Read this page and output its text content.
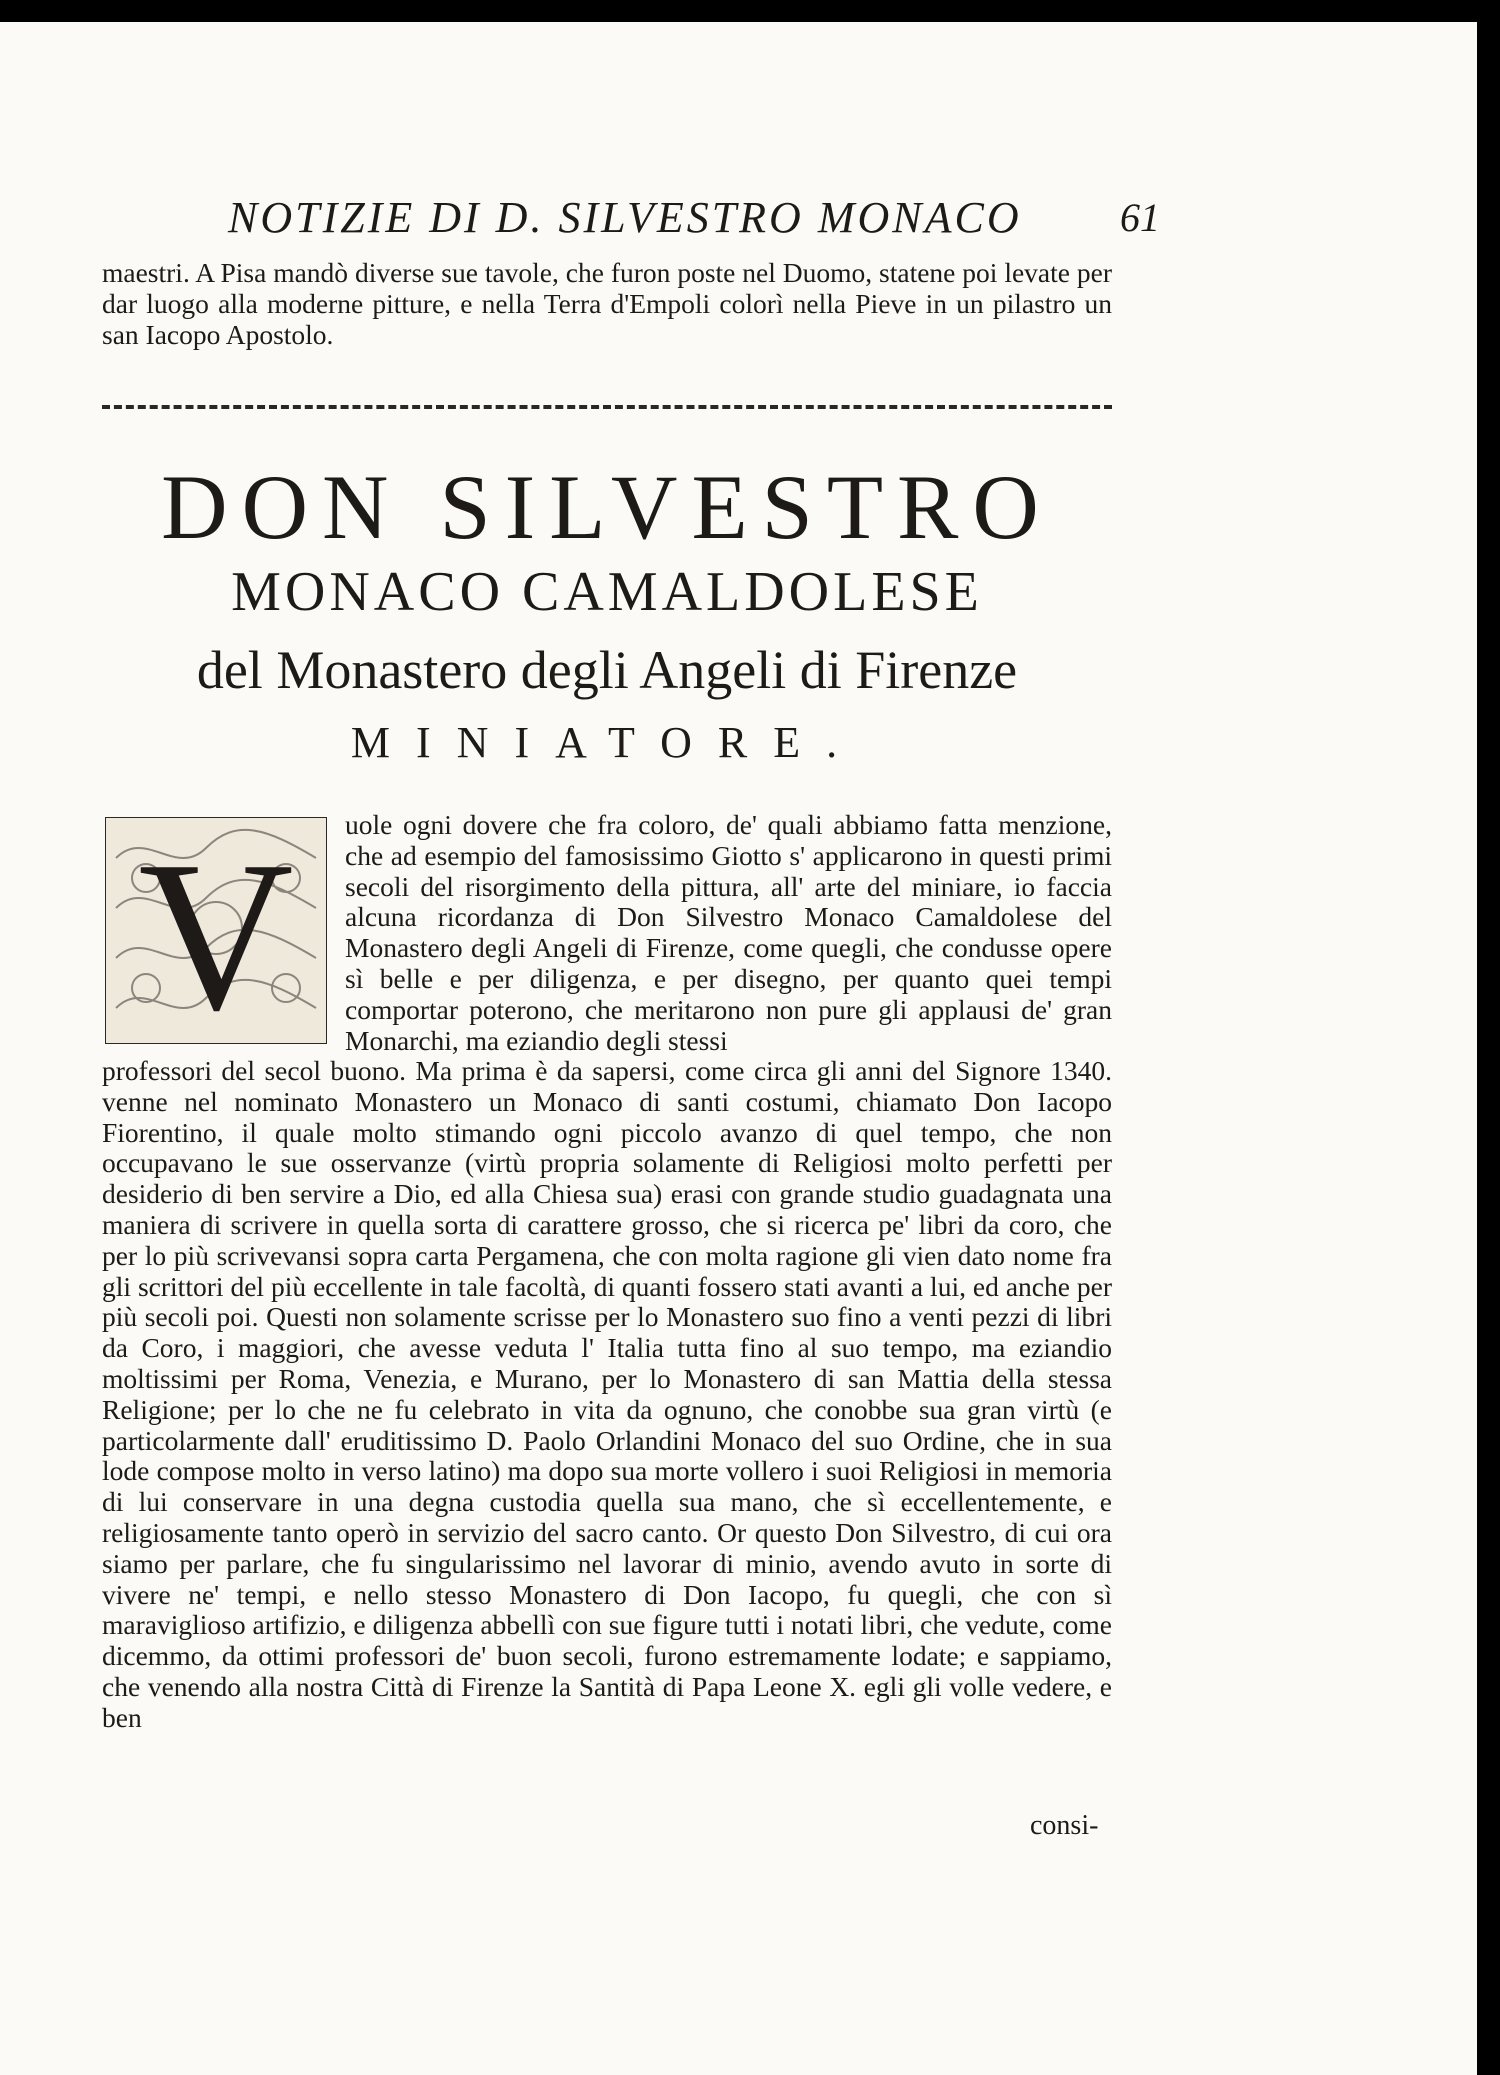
NOTIZIE DI D. SILVESTRO MONACO 61
maestri. A Pisa mandò diverse sue tavole, che furon poste nel Duomo, statene poi levate per dar luogo alla moderne pitture, e nella Terra d'Empoli colorì nella Pieve in un pilastro un san Iacopo Apostolo.
DON SILVESTRO
MONACO CAMALDOLESE
del Monastero degli Angeli di Firenze
MINIATORE.
V uole ogni dovere che fra coloro, de' quali abbiamo fatta menzione, che ad esempio del famosissimo Giotto s' applicarono in questi primi secoli del risorgimento della pittura, all' arte del miniare, io faccia alcuna ricordanza di Don Silvestro Monaco Camaldolese del Monastero degli Angeli di Firenze, come quegli, che condusse opere sì belle e per diligenza, e per disegno, per quanto quei tempi comportar poterono, che meritarono non pure gli applausi de' gran Monarchi, ma eziandio degli stessi
professori del secol buono. Ma prima è da sapersi, come circa gli anni del Signore 1340. venne nel nominato Monastero un Monaco di santi costumi, chiamato Don Iacopo Fiorentino, il quale molto stimando ogni piccolo avanzo di quel tempo, che non occupavano le sue osservanze (virtù propria solamente di Religiosi molto perfetti per desiderio di ben servire a Dio, ed alla Chiesa sua) erasi con grande studio guadagnata una maniera di scrivere in quella sorta di carattere grosso, che si ricerca pe' libri da coro, che per lo più scrivevansi sopra carta Pergamena, che con molta ragione gli vien dato nome fra gli scrittori del più eccellente in tale facoltà, di quanti fossero stati avanti a lui, ed anche per più secoli poi. Questi non solamente scrisse per lo Monastero suo fino a venti pezzi di libri da Coro, i maggiori, che avesse veduta l' Italia tutta fino al suo tempo, ma eziandio moltissimi per Roma, Venezia, e Murano, per lo Monastero di san Mattia della stessa Religione; per lo che ne fu celebrato in vita da ognuno, che conobbe sua gran virtù (e particolarmente dall' eruditissimo D. Paolo Orlandini Monaco del suo Ordine, che in sua lode compose molto in verso latino) ma dopo sua morte vollero i suoi Religiosi in memoria di lui conservare in una degna custodia quella sua mano, che sì eccellentemente, e religiosamente tanto operò in servizio del sacro canto. Or questo Don Silvestro, di cui ora siamo per parlare, che fu singularissimo nel lavorar di minio, avendo avuto in sorte di vivere ne' tempi, e nello stesso Monastero di Don Iacopo, fu quegli, che con sì maraviglioso artifizio, e diligenza abbellì con sue figure tutti i notati libri, che vedute, come dicemmo, da ottimi professori de' buon secoli, furono estremamente lodate; e sappiamo, che venendo alla nostra Città di Firenze la Santità di Papa Leone X. egli gli volle vedere, e ben
consi-
